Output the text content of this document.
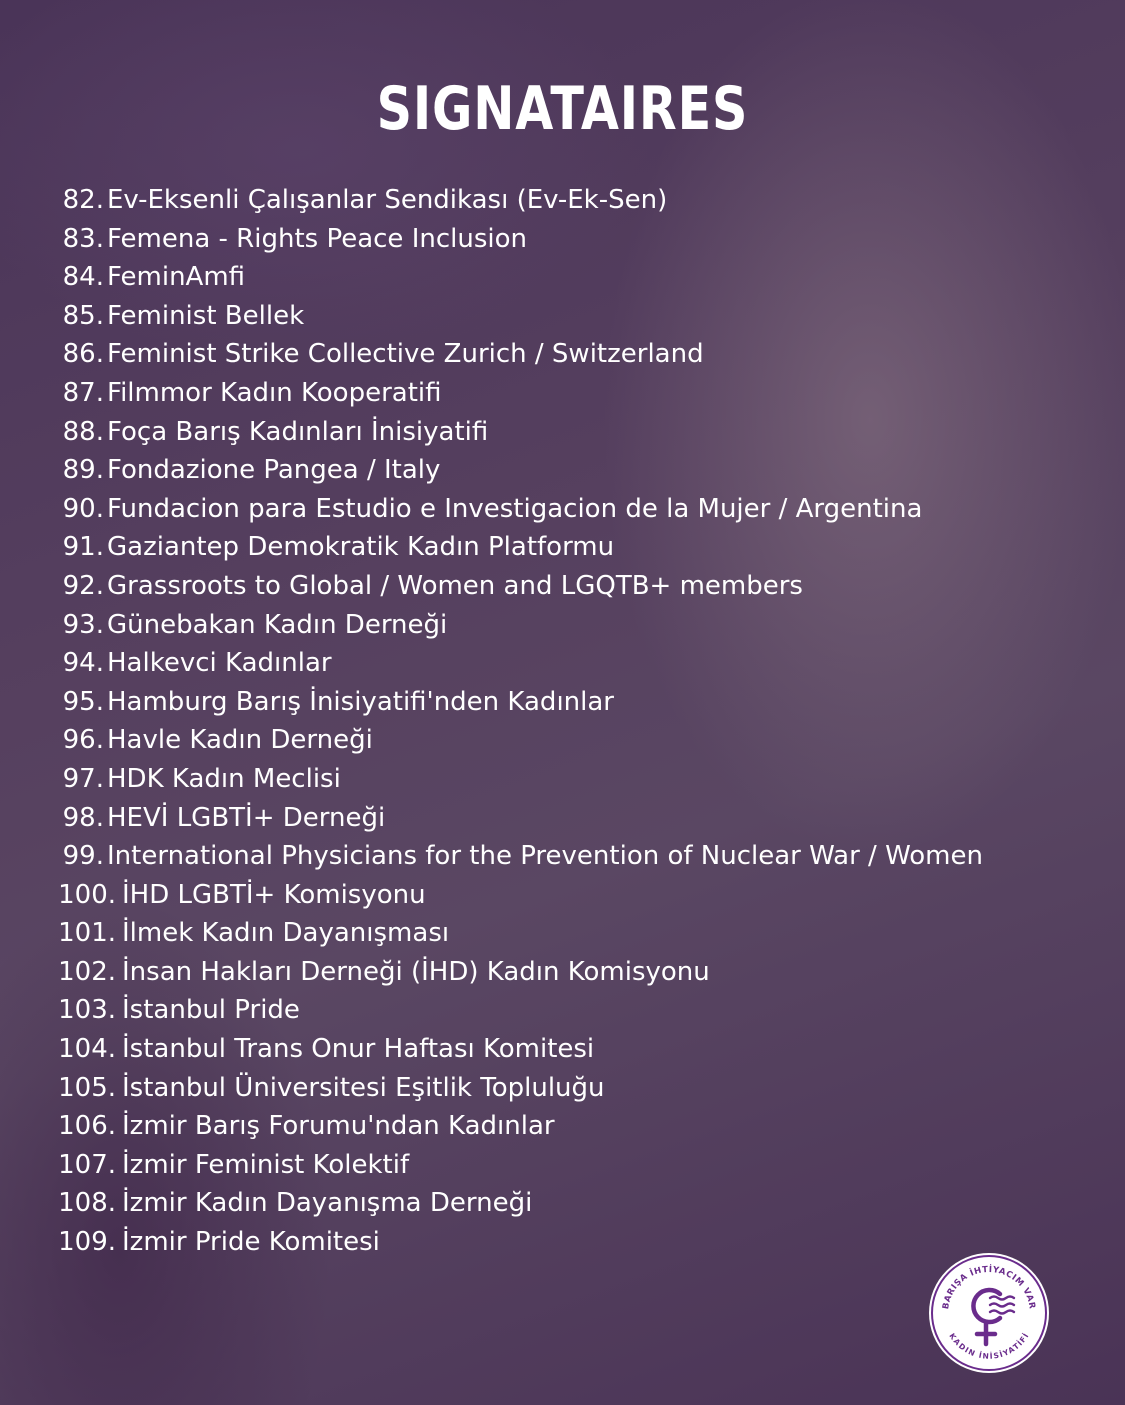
SIGNATAIRES
82. Ev-Eksenli Çalışanlar Sendikası (Ev-Ek-Sen)
83. Femena - Rights Peace Inclusion
84. FeminAmfi
85. Feminist Bellek
86. Feminist Strike Collective Zurich / Switzerland
87. Filmmor Kadın Kooperatifi
88. Foça Barış Kadınları İnisiyatifi
89. Fondazione Pangea / Italy
90. Fundacion para Estudio e Investigacion de la Mujer / Argentina
91. Gaziantep Demokratik Kadın Platformu
92. Grassroots to Global / Women and LGQTB+ members
93. Günebakan Kadın Derneği
94. Halkevci Kadınlar
95. Hamburg Barış İnisiyatifi'nden Kadınlar
96. Havle Kadın Derneği
97. HDK Kadın Meclisi
98. HEVİ LGBTİ+ Derneği
99. International Physicians for the Prevention of Nuclear War / Women
100. İHD LGBTİ+ Komisyonu
101. İlmek Kadın Dayanışması
102. İnsan Hakları Derneği (İHD) Kadın Komisyonu
103. İstanbul Pride
104. İstanbul Trans Onur Haftası Komitesi
105. İstanbul Üniversitesi Eşitlik Topluluğu
106. İzmir Barış Forumu'ndan Kadınlar
107. İzmir Feminist Kolektif
108. İzmir Kadın Dayanışma Derneği
109. İzmir Pride Komitesi
BARIŞA İHTİYACIM VAR
KADIN İNİSİYATİFİ
